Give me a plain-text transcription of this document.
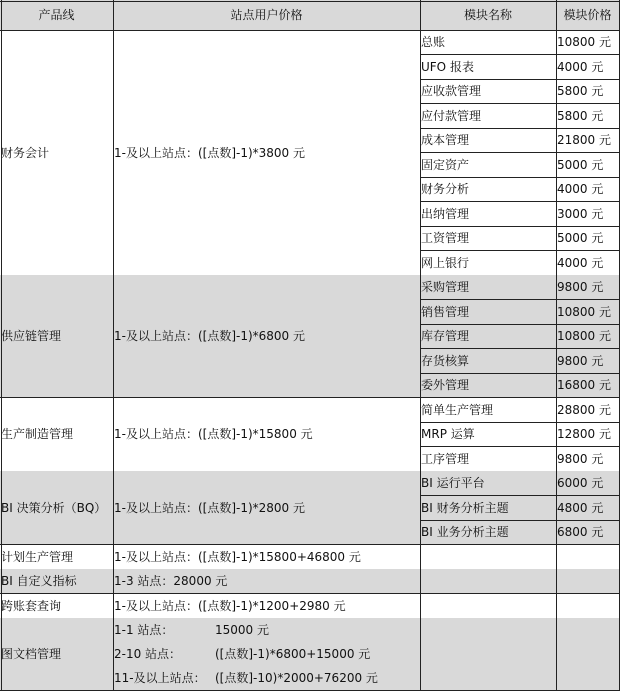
产品线	站点用户价格	模块名称	模块价格
财务会计	1-及以上站点：([点数]-1)*3800 元
总账	10800 元
UFO 报表	4000 元
应收款管理	5800 元
应付款管理	5800 元
成本管理	21800 元
固定资产	5000 元
财务分析	4000 元
出纳管理	3000 元
工资管理	5000 元
网上银行	4000 元
供应链管理	1-及以上站点：([点数]-1)*6800 元
采购管理	9800 元
销售管理	10800 元
库存管理	10800 元
存货核算	9800 元
委外管理	16800 元
生产制造管理	1-及以上站点：([点数]-1)*15800 元
简单生产管理	28800 元
MRP 运算	12800 元
工序管理	9800 元
BI 决策分析（BQ） 1-及以上站点：([点数]-1)*2800 元
BI 运行平台	6000 元
BI 财务分析主题	4800 元
BI 业务分析主题	6800 元
计划生产管理	1-及以上站点：([点数]-1)*15800+46800 元
BI 自定义指标	1-3 站点：28000 元
跨账套查询	1-及以上站点：([点数]-1)*1200+2980 元
图文档管理
1-1 站点：	15000 元
2-10 站点：	([点数]-1)*6800+15000 元
11-及以上站点： ([点数]-10)*2000+76200 元
